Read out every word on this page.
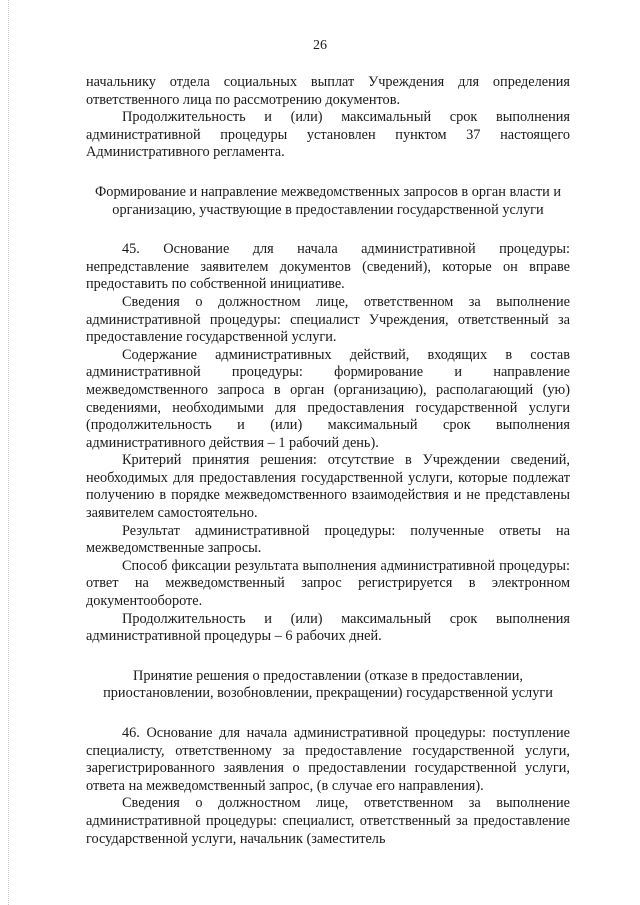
26

начальнику отдела социальных выплат Учреждения для определения ответственного лица по рассмотрению документов.

Продолжительность и (или) максимальный срок выполнения административной процедуры установлен пунктом 37 настоящего Административного регламента.

Формирование и направление межведомственных запросов в орган власти и организацию, участвующие в предоставлении государственной услуги

45. Основание для начала административной процедуры: непредставление заявителем документов (сведений), которые он вправе предоставить по собственной инициативе.

Сведения о должностном лице, ответственном за выполнение административной процедуры: специалист Учреждения, ответственный за предоставление государственной услуги.

Содержание административных действий, входящих в состав административной процедуры: формирование и направление межведомственного запроса в орган (организацию), располагающий (ую) сведениями, необходимыми для предоставления государственной услуги (продолжительность и (или) максимальный срок выполнения административного действия – 1 рабочий день).

Критерий принятия решения: отсутствие в Учреждении сведений, необходимых для предоставления государственной услуги, которые подлежат получению в порядке межведомственного взаимодействия и не представлены заявителем самостоятельно.

Результат административной процедуры: полученные ответы на межведомственные запросы.

Способ фиксации результата выполнения административной процедуры: ответ на межведомственный запрос регистрируется в электронном документообороте.

Продолжительность и (или) максимальный срок выполнения административной процедуры – 6 рабочих дней.

Принятие решения о предоставлении (отказе в предоставлении, приостановлении, возобновлении, прекращении) государственной услуги

46. Основание для начала административной процедуры: поступление специалисту, ответственному за предоставление государственной услуги, зарегистрированного заявления о предоставлении государственной услуги, ответа на межведомственный запрос, (в случае его направления).

Сведения о должностном лице, ответственном за выполнение административной процедуры: специалист, ответственный за предоставление государственной услуги, начальник (заместитель
